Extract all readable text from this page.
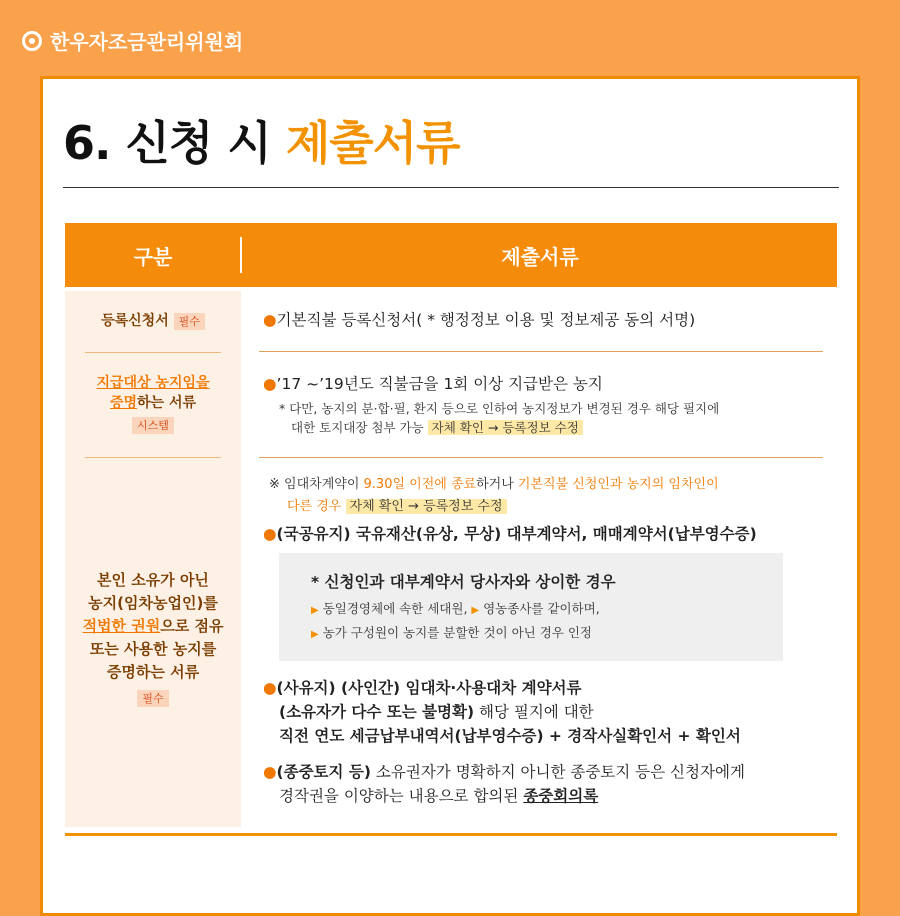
한우자조금관리위원회
6. 신청 시 제출서류
구분	제출서류
등록신청서 필수
지급대상 농지임을
증명하는 서류
시스템
본인 소유가 아닌
농지(임차농업인)를
적법한 권원으로 점유
또는 사용한 농지를
증명하는 서류
필수
●기본직불 등록신청서( * 행정정보 이용 및 정보제공 동의 서명)
●’17 ~’19년도 직불금을 1회 이상 지급받은 농지
* 다만, 농지의 분·합·필, 환지 등으로 인하여 농지정보가 변경된 경우 해당 필지에
대한 토지대장 첨부 가능 자체 확인 → 등록정보 수정
※ 임대차계약이 9.30일 이전에 종료하거나 기본직불 신청인과 농지의 임차인이
다른 경우 자체 확인 → 등록정보 수정
●(국공유지) 국유재산(유상, 무상) 대부계약서, 매매계약서(납부영수증)
* 신청인과 대부계약서 당사자와 상이한 경우
▶ 동일경영체에 속한 세대원, ▶ 영농종사를 같이하며,
▶ 농가 구성원이 농지를 분할한 것이 아닌 경우 인정
●(사유지) (사인간) 임대차·사용대차 계약서류
(소유자가 다수 또는 불명확) 해당 필지에 대한
직전 연도 세금납부내역서(납부영수증) + 경작사실확인서 + 확인서
●(종중토지 등) 소유권자가 명확하지 아니한 종중토지 등은 신청자에게
경작권을 이양하는 내용으로 합의된 종중회의록
